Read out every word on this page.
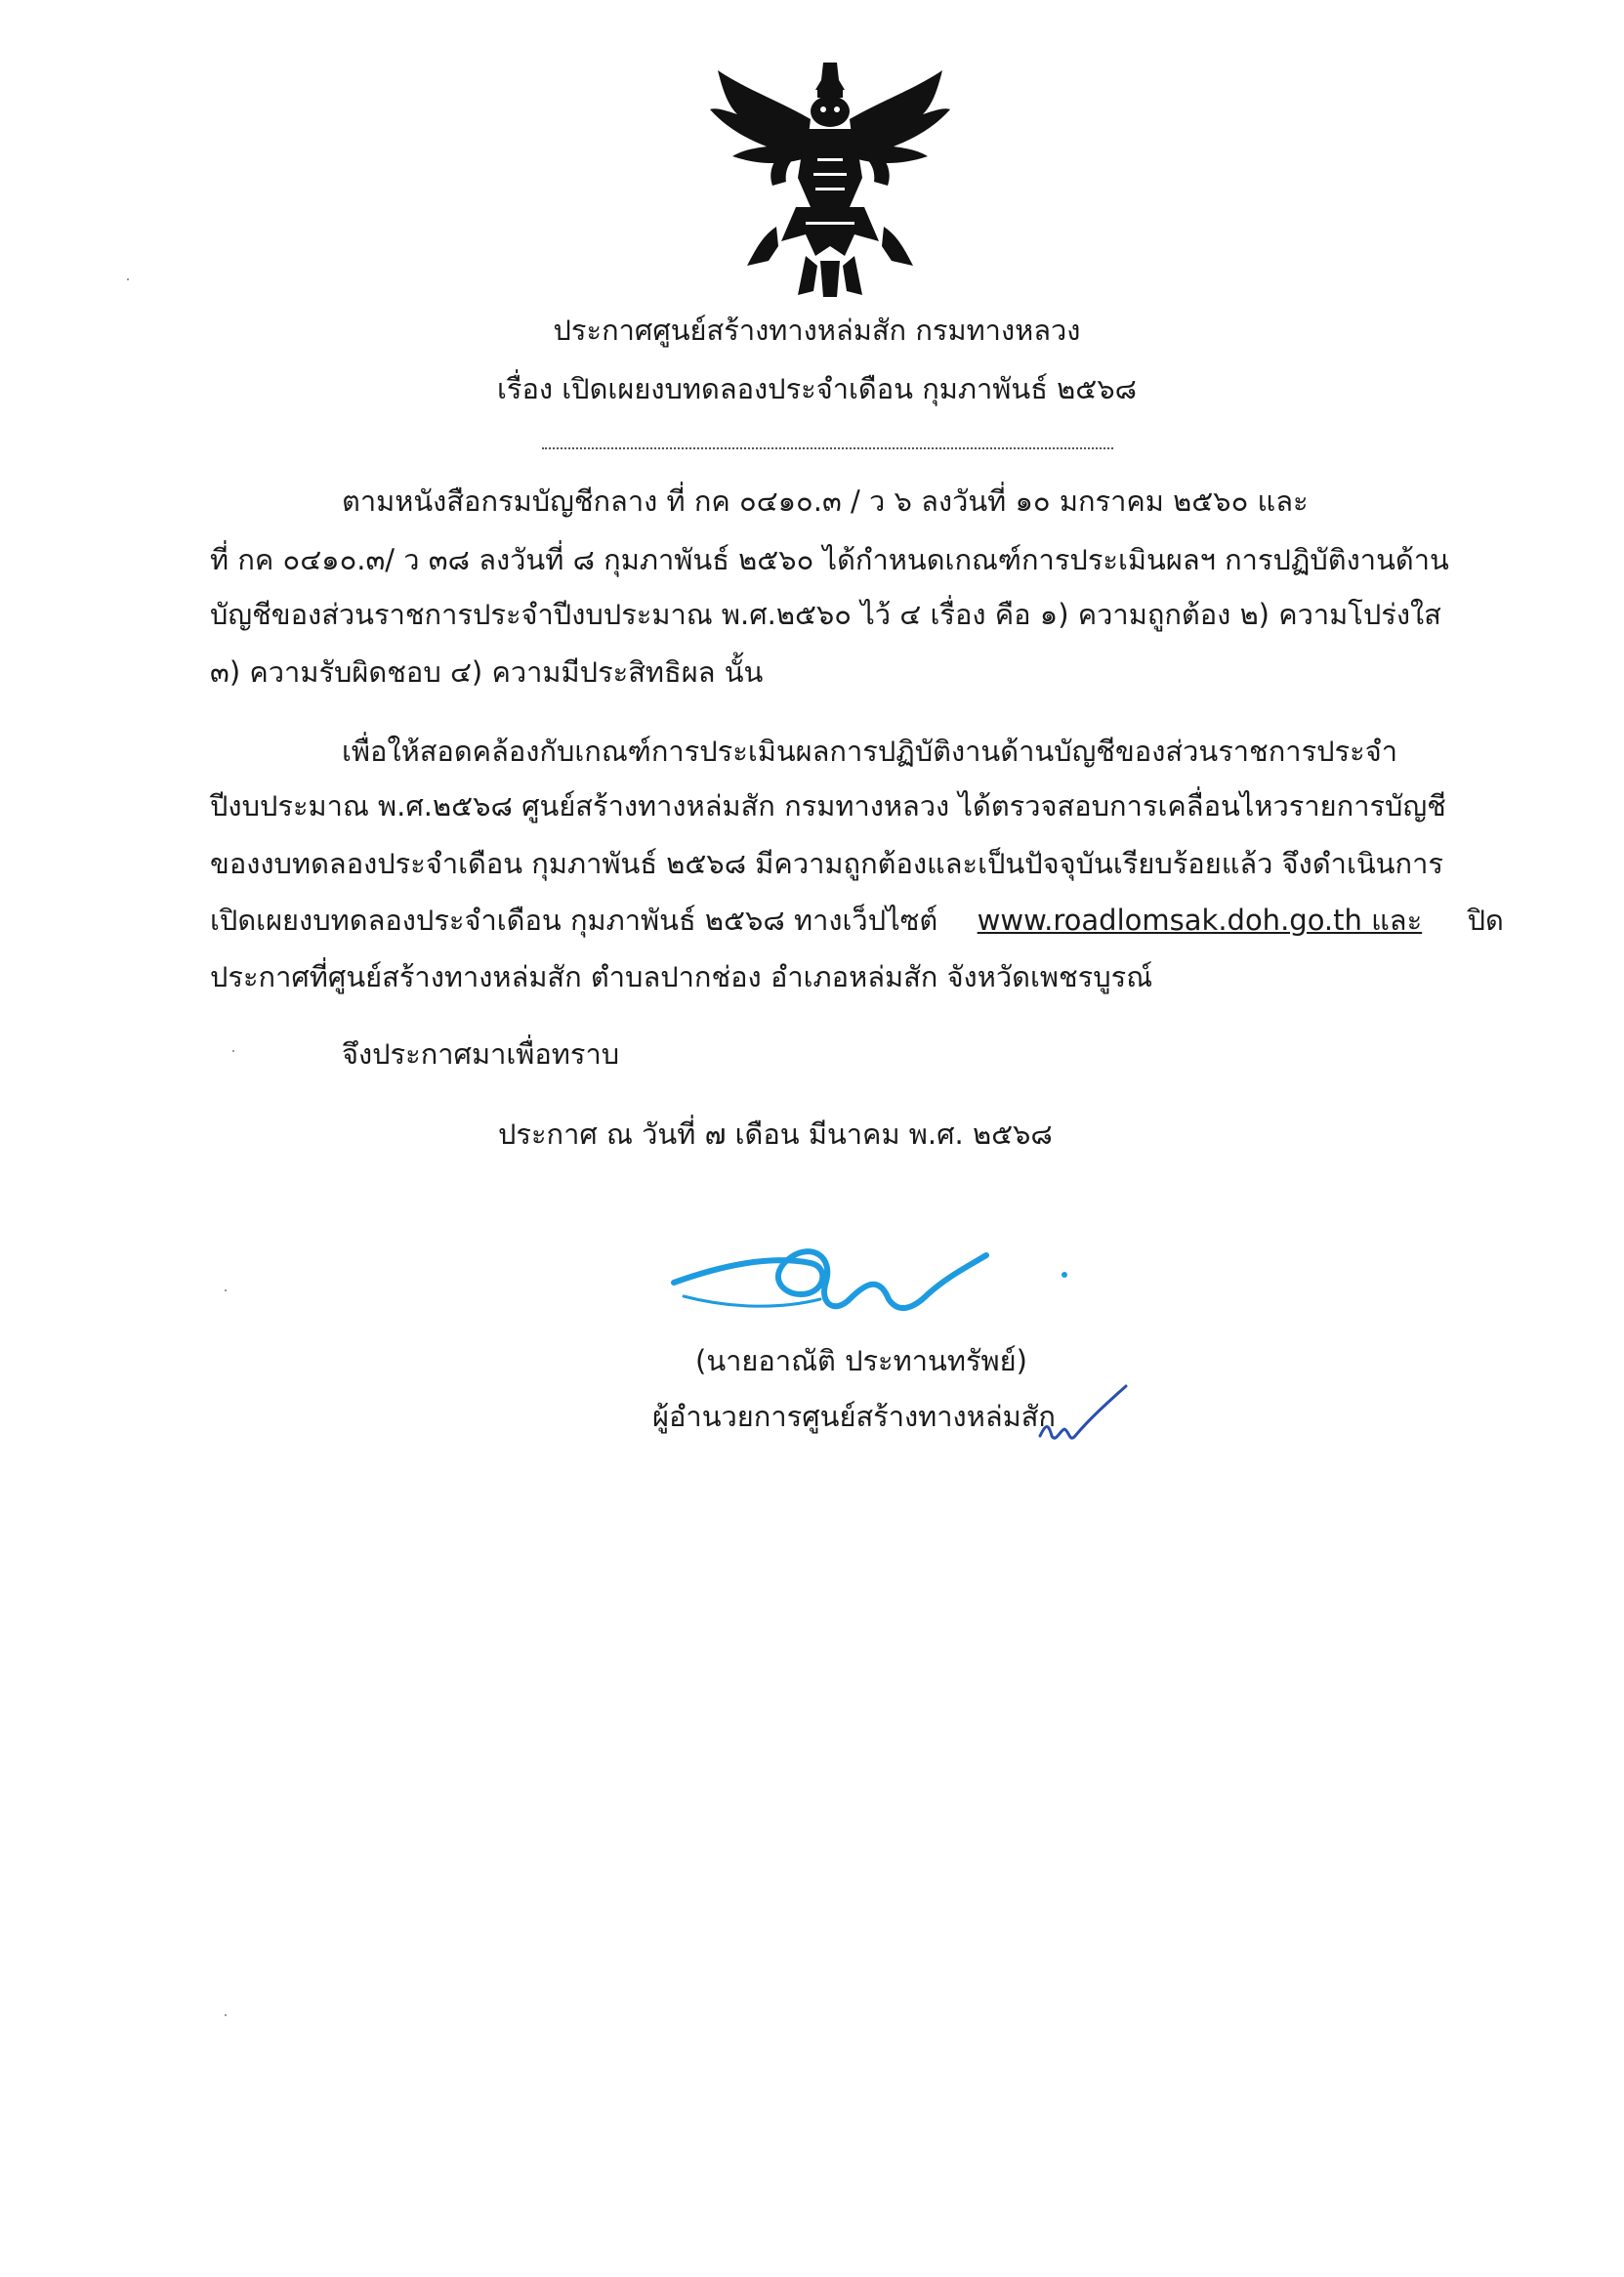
ประกาศศูนย์สร้างทางหล่มสัก กรมทางหลวง
เรื่อง เปิดเผยงบทดลองประจำเดือน กุมภาพันธ์ ๒๕๖๘
ตามหนังสือกรมบัญชีกลาง ที่ กค ๐๔๑๐.๓ / ว ๖ ลงวันที่ ๑๐ มกราคม ๒๕๖๐ และ
ที่ กค ๐๔๑๐.๓/ ว ๓๘ ลงวันที่ ๘ กุมภาพันธ์ ๒๕๖๐ ได้กำหนดเกณฑ์การประเมินผลฯ การปฏิบัติงานด้าน
บัญชีของส่วนราชการประจำปีงบประมาณ พ.ศ.๒๕๖๐ ไว้ ๔ เรื่อง คือ ๑) ความถูกต้อง ๒) ความโปร่งใส
๓) ความรับผิดชอบ ๔) ความมีประสิทธิผล นั้น
เพื่อให้สอดคล้องกับเกณฑ์การประเมินผลการปฏิบัติงานด้านบัญชีของส่วนราชการประจำ
ปีงบประมาณ พ.ศ.๒๕๖๘ ศูนย์สร้างทางหล่มสัก กรมทางหลวง ได้ตรวจสอบการเคลื่อนไหวรายการบัญชี
ของงบทดลองประจำเดือน กุมภาพันธ์ ๒๕๖๘ มีความถูกต้องและเป็นปัจจุบันเรียบร้อยแล้ว จึงดำเนินการ
เปิดเผยงบทดลองประจำเดือน กุมภาพันธ์ ๒๕๖๘ ทางเว็ปไซต์ www.roadlomsak.doh.go.th และ ปิด
ประกาศที่ศูนย์สร้างทางหล่มสัก ตำบลปากช่อง อำเภอหล่มสัก จังหวัดเพชรบูรณ์
จึงประกาศมาเพื่อทราบ
ประกาศ ณ วันที่ ๗ เดือน มีนาคม พ.ศ. ๒๕๖๘
(นายอาณัติ ประทานทรัพย์)
ผู้อำนวยการศูนย์สร้างทางหล่มสัก
